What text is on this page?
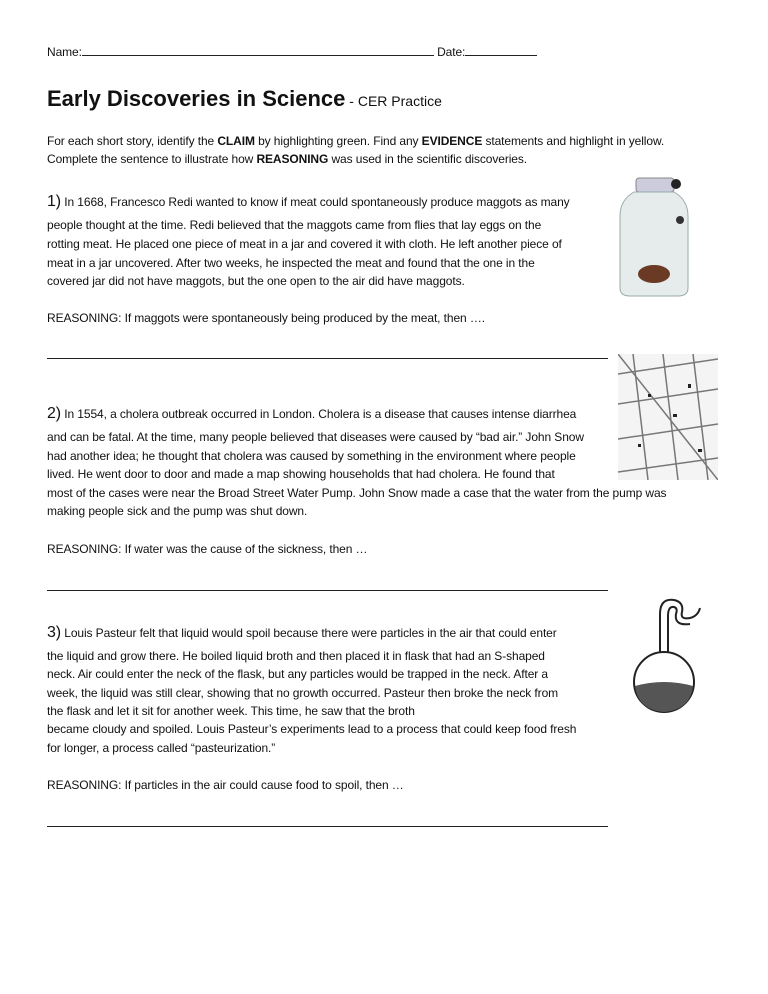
Name:	Date:
Early Discoveries in Science - CER Practice
For each short story, identify the CLAIM by highlighting green. Find any EVIDENCE statements and highlight in yellow.
Complete the sentence to illustrate how REASONING was used in the scientific discoveries.
1) In 1668, Francesco Redi wanted to know if meat could spontaneously produce maggots as many
people thought at the time. Redi believed that the maggots came from flies that lay eggs on the
rotting meat. He placed one piece of meat in a jar and covered it with cloth. He left another piece of
meat in a jar uncovered. After two weeks, he inspected the meat and found that the one in the
covered jar did not have maggots, but the one open to the air did have maggots.
REASONING: If maggots were spontaneously being produced by the meat, then ….
2) In 1554, a cholera outbreak occurred in London. Cholera is a disease that causes intense diarrhea
and can be fatal. At the time, many people believed that diseases were caused by “bad air.” John Snow
had another idea; he thought that cholera was caused by something in the environment where people
lived. He went door to door and made a map showing households that had cholera. He found that
most of the cases were near the Broad Street Water Pump. John Snow made a case that the water from the pump was
making people sick and the pump was shut down.
REASONING: If water was the cause of the sickness, then …
3) Louis Pasteur felt that liquid would spoil because there were particles in the air that could enter
the liquid and grow there. He boiled liquid broth and then placed it in flask that had an S-shaped
neck. Air could enter the neck of the flask, but any particles would be trapped in the neck. After a
week, the liquid was still clear, showing that no growth occurred. Pasteur then broke the neck from
the flask and let it sit for another week. This time, he saw that the broth
became cloudy and spoiled. Louis Pasteur’s experiments lead to a process that could keep food fresh
for longer, a process called “pasteurization.”
REASONING: If particles in the air could cause food to spoil, then …
